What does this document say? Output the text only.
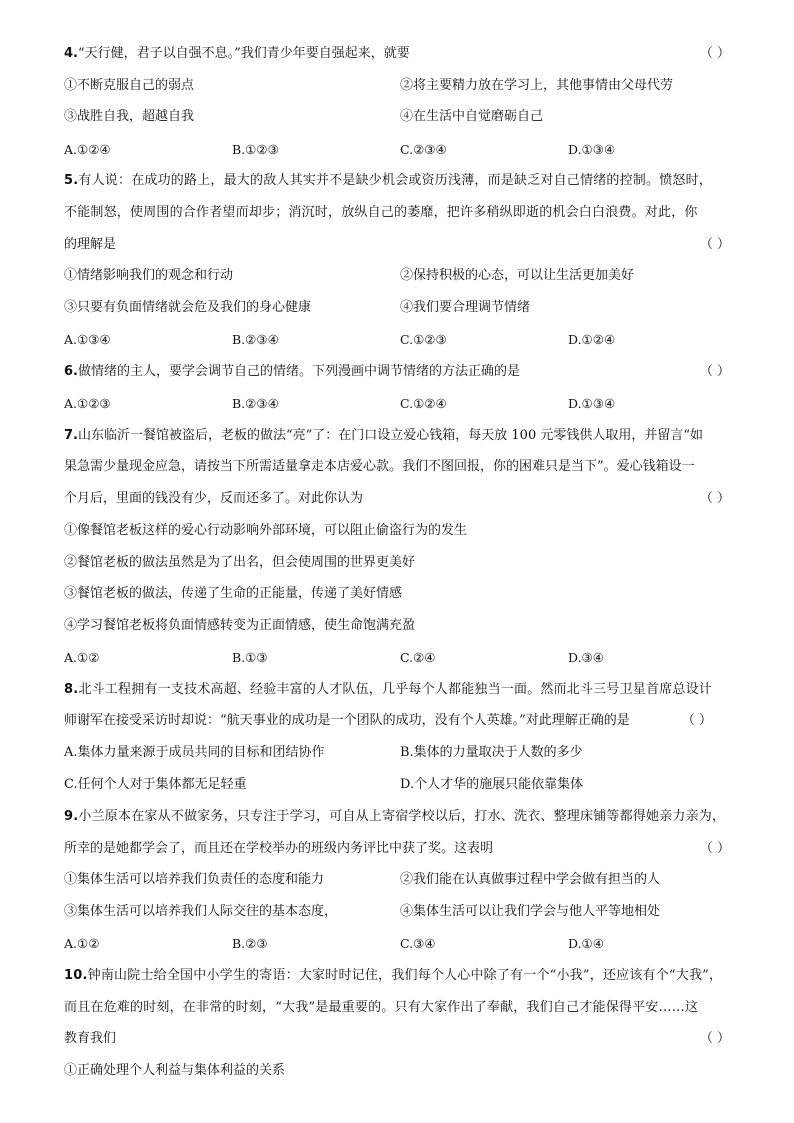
4.“天行健，君子以自强不息。”我们青少年要自强起来，就要	（ ）
①不断克服自己的弱点	②将主要精力放在学习上，其他事情由父母代劳
③战胜自我，超越自我	④在生活中自觉磨砺自己
A.①②④	B.①②③	C.②③④	D.①③④
5.有人说：在成功的路上，最大的敌人其实并不是缺少机会或资历浅薄，而是缺乏对自己情绪的控制。愤怒时，
不能制怒，使周围的合作者望而却步；消沉时，放纵自己的萎靡，把许多稍纵即逝的机会白白浪费。对此，你
的理解是	（ ）
①情绪影响我们的观念和行动	②保持积极的心态，可以让生活更加美好
③只要有负面情绪就会危及我们的身心健康	④我们要合理调节情绪
A.①③④	B.②③④	C.①②③	D.①②④
6.做情绪的主人，要学会调节自己的情绪。下列漫画中调节情绪的方法正确的是	（ ）
A.①②③	B.②③④	C.①②④	D.①③④
7.山东临沂一餐馆被盗后，老板的做法“亮”了：在门口设立爱心钱箱，每天放 100 元零钱供人取用，并留言“如
果急需少量现金应急，请按当下所需适量拿走本店爱心款。我们不图回报，你的困难只是当下”。爱心钱箱设一
个月后，里面的钱没有少，反而还多了。对此你认为	（ ）
①像餐馆老板这样的爱心行动影响外部环境，可以阻止偷盗行为的发生
②餐馆老板的做法虽然是为了出名，但会使周围的世界更美好
③餐馆老板的做法，传递了生命的正能量，传递了美好情感
④学习餐馆老板将负面情感转变为正面情感，使生命饱满充盈
A.①②	B.①③	C.②④	D.③④
8.北斗工程拥有一支技术高超、经验丰富的人才队伍，几乎每个人都能独当一面。然而北斗三号卫星首席总设计
师谢军在接受采访时却说：“航天事业的成功是一个团队的成功，没有个人英雄。”对此理解正确的是	（ ）
A.集体力量来源于成员共同的目标和团结协作	B.集体的力量取决于人数的多少
C.任何个人对于集体都无足轻重	D.个人才华的施展只能依靠集体
9.小兰原本在家从不做家务，只专注于学习，可自从上寄宿学校以后，打水、洗衣、整理床铺等都得她亲力亲为，
所幸的是她都学会了，而且还在学校举办的班级内务评比中获了奖。这表明	（ ）
①集体生活可以培养我们负责任的态度和能力	②我们能在认真做事过程中学会做有担当的人
③集体生活可以培养我们人际交往的基本态度，	④集体生活可以让我们学会与他人平等地相处
A.①②	B.②③	C.③④	D.①④
10.钟南山院士给全国中小学生的寄语：大家时时记住，我们每个人心中除了有一个“小我”，还应该有个“大我”，
而且在危难的时刻，在非常的时刻，“大我”是最重要的。只有大家作出了奉献，我们自己才能保得平安……这
教育我们	（ ）
①正确处理个人利益与集体利益的关系
